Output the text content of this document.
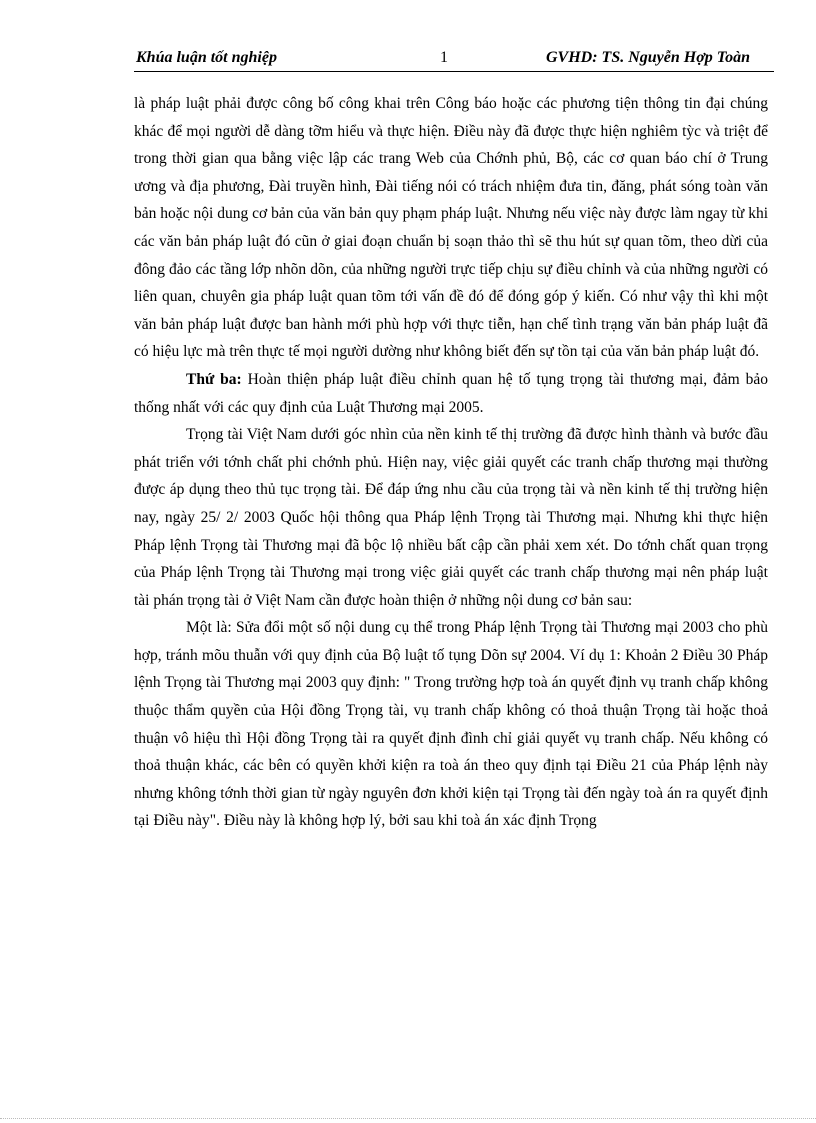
Khúa luận tốt nghiệp	1	GVHD: TS. Nguyễn Hợp Toàn

là pháp luật phải được công bố công khai trên Công báo hoặc các phương tiện thông tin đại chúng khác để mọi người dễ dàng tỡm hiểu và thực hiện. Điều này đã được thực hiện nghiêm tỳc và triệt để trong thời gian qua bằng việc lập các trang Web của Chớnh phủ, Bộ, các cơ quan báo chí ở Trung ương và địa phương, Đài truyền hình, Đài tiếng nói có trách nhiệm đưa tin, đăng, phát sóng toàn văn bản hoặc nội dung cơ bản của văn bản quy phạm pháp luật. Nhưng nếu việc này được làm ngay từ khi các văn bản pháp luật đó cũn ở giai đoạn chuẩn bị soạn thảo thì sẽ thu hút sự quan tõm, theo dừi của đông đảo các tầng lớp nhõn dõn, của những người trực tiếp chịu sự điều chỉnh và của những người có liên quan, chuyên gia pháp luật quan tõm tới vấn đề đó để đóng góp ý kiến. Có như vậy thì khi một văn bản pháp luật được ban hành mới phù hợp với thực tiễn, hạn chế tình trạng văn bản pháp luật đã có hiệu lực mà trên thực tế mọi người dường như không biết đến sự tồn tại của văn bản pháp luật đó.

Thứ ba: Hoàn thiện pháp luật điều chỉnh quan hệ tố tụng trọng tài thương mại, đảm bảo thống nhất với các quy định của Luật Thương mại 2005.

Trọng tài Việt Nam dưới góc nhìn của nền kinh tế thị trường đã được hình thành và bước đầu phát triển với tớnh chất phi chớnh phủ. Hiện nay, việc giải quyết các tranh chấp thương mại thường được áp dụng theo thủ tục trọng tài. Để đáp ứng nhu cầu của trọng tài và nền kinh tế thị trường hiện nay, ngày 25/ 2/ 2003 Quốc hội thông qua Pháp lệnh Trọng tài Thương mại. Nhưng khi thực hiện Pháp lệnh Trọng tài Thương mại đã bộc lộ nhiều bất cập cần phải xem xét. Do tớnh chất quan trọng của Pháp lệnh Trọng tài Thương mại trong việc giải quyết các tranh chấp thương mại nên pháp luật tài phán trọng tài ở Việt Nam cần được hoàn thiện ở những nội dung cơ bản sau:

Một là: Sửa đổi một số nội dung cụ thể trong Pháp lệnh Trọng tài Thương mại 2003 cho phù hợp, tránh mõu thuẫn với quy định của Bộ luật tố tụng Dõn sự 2004. Ví dụ 1: Khoản 2 Điều 30 Pháp lệnh Trọng tài Thương mại 2003 quy định: " Trong trường hợp toà án quyết định vụ tranh chấp không thuộc thẩm quyền của Hội đồng Trọng tài, vụ tranh chấp không có thoả thuận Trọng tài hoặc thoả thuận vô hiệu thì Hội đồng Trọng tài ra quyết định đình chỉ giải quyết vụ tranh chấp. Nếu không có thoả thuận khác, các bên có quyền khởi kiện ra toà án theo quy định tại Điều 21 của Pháp lệnh này nhưng không tớnh thời gian từ ngày nguyên đơn khởi kiện tại Trọng tài đến ngày toà án ra quyết định tại Điều này". Điều này là không hợp lý, bởi sau khi toà án xác định Trọng
